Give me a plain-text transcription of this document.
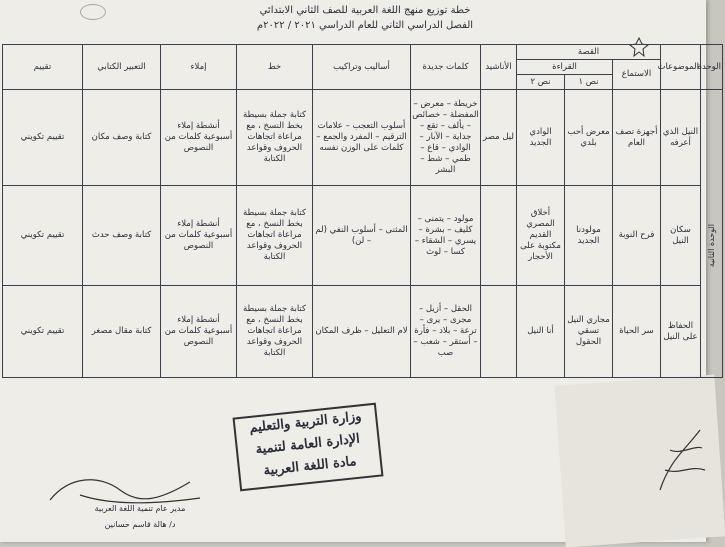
خطة توزيع منهج اللغة العربية للصف الثاني الابتدائي
الفصل الدراسي الثاني للعام الدراسي ٢٠٢١ / ٢٠٢٢م
الوحدة	الموضوعات	القصة			الأناشيد	كلمات جديدة	أساليب وتراكيب	خط	إملاء	التعبير الكتابي	تقييم
		الاستماع	القراءة								
			نص ١	نص ٢							

الوحدة الثانية	النيل الذي أعرفه	أجهزة تصف العام	معرض أحب بلدي	الوادي الجديد	ليل مصر	خريطة – معرض – المفضلة – خصائص – يألف – تقع – جداية – الآبار – الوادي – قاع – طمي – شط – البشر	أسلوب التعجب – علامات الترقيم – المفرد والجمع – كلمات على الوزن نفسه	كتابة جملة بسيطة بخط النسخ ، مع مراعاة اتجاهات الحروف وقواعد الكتابة	أنشطة إملاء أسبوعية كلمات من النصوص	كتابة وصف مكان	تقييم تكويني
	سكان النيل	فرح النوبة	مولودنا الجديد	أخلاق المصري القديم مكتوبة على الأحجار		مولود – يتمنى – كليف – بشرة – يسري – الشقاء – كسا – لوث	المثنى – أسلوب النفي (لم – لن)	كتابة جملة بسيطة بخط النسخ ، مع مراعاة اتجاهات الحروف وقواعد الكتابة	أنشطة إملاء أسبوعية كلمات من النصوص	كتابة وصف حدث	تقييم تكويني
	الحفاظ على النيل	سر الحياة	مجاري النيل تسقي الحقول	أنا النيل		الحقل – أزيل – مجرى – يرى – ترعة – بلاد – فأرة – أستقر – شعب – صب	لام التعليل – ظرف المكان	كتابة جملة بسيطة بخط النسخ ، مع مراعاة اتجاهات الحروف وقواعد الكتابة	أنشطة إملاء أسبوعية كلمات من النصوص	كتابة مقال مصغر	تقييم تكويني
وزارة التربية والتعليم
الإدارة العامة لتنمية
مادة اللغة العربية
مدير عام تنمية اللغة العربية
د/ هالة قاسم حسانين
